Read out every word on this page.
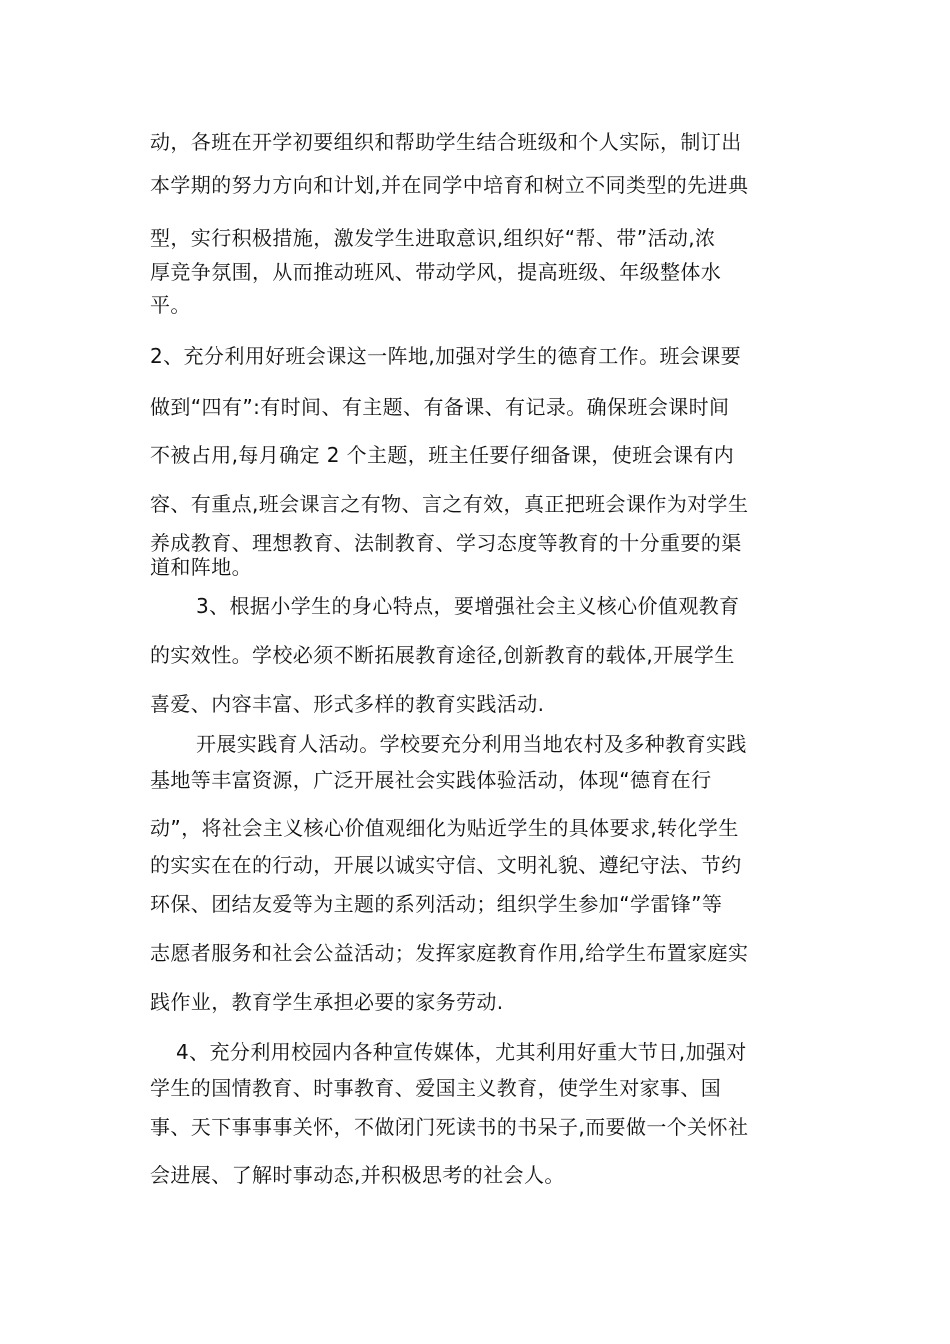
动，各班在开学初要组织和帮助学生结合班级和个人实际，制订出
本学期的努力方向和计划,并在同学中培育和树立不同类型的先进典
型，实行积极措施，激发学生进取意识,组织好“帮、带”活动,浓
厚竞争氛围，从而推动班风、带动学风，提高班级、年级整体水
平。
2、充分利用好班会课这一阵地,加强对学生的德育工作。班会课要
做到“四有”:有时间、有主题、有备课、有记录。确保班会课时间
不被占用,每月确定 2 个主题，班主任要仔细备课，使班会课有内
容、有重点,班会课言之有物、言之有效，真正把班会课作为对学生
养成教育、理想教育、法制教育、学习态度等教育的十分重要的渠
道和阵地。
3、根据小学生的身心特点，要增强社会主义核心价值观教育
的实效性。学校必须不断拓展教育途径,创新教育的载体,开展学生
喜爱、内容丰富、形式多样的教育实践活动.
开展实践育人活动。学校要充分利用当地农村及多种教育实践
基地等丰富资源，广泛开展社会实践体验活动，体现“德育在行
动”，将社会主义核心价值观细化为贴近学生的具体要求,转化学生
的实实在在的行动，开展以诚实守信、文明礼貌、遵纪守法、节约
环保、团结友爱等为主题的系列活动；组织学生参加“学雷锋”等
志愿者服务和社会公益活动；发挥家庭教育作用,给学生布置家庭实
践作业，教育学生承担必要的家务劳动.
4、充分利用校园内各种宣传媒体，尤其利用好重大节日,加强对
学生的国情教育、时事教育、爱国主义教育，使学生对家事、国
事、天下事事事关怀，不做闭门死读书的书呆子,而要做一个关怀社
会进展、了解时事动态,并积极思考的社会人。
